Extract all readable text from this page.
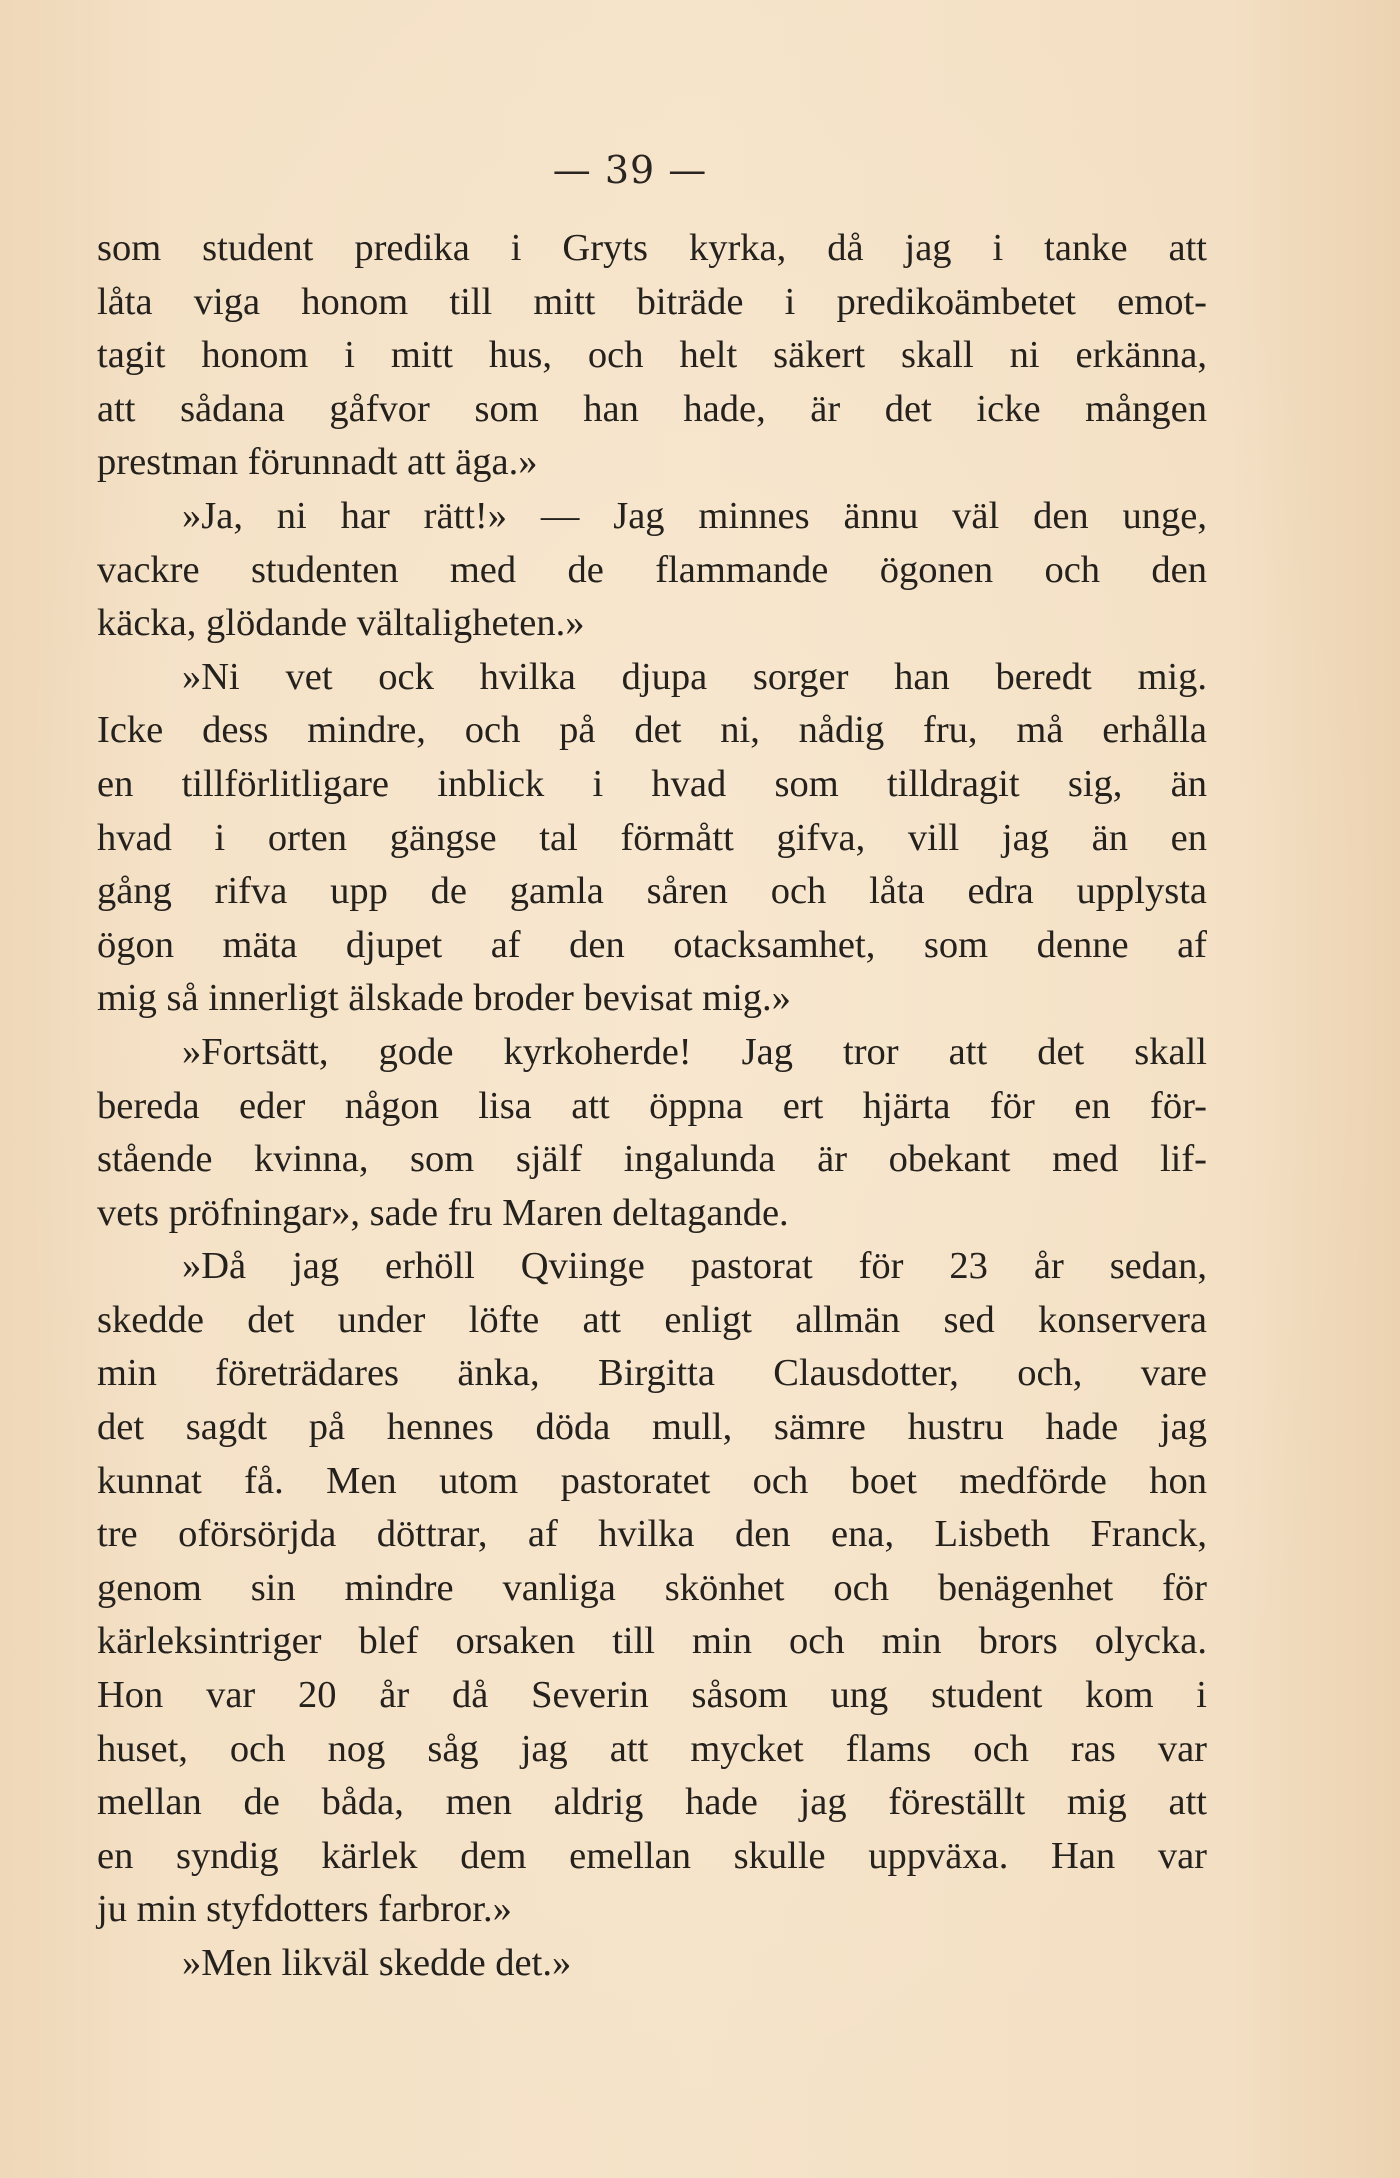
— 39 —

som student predika i Gryts kyrka, då jag i tanke att
låta viga honom till mitt biträde i predikoämbetet emot-
tagit honom i mitt hus, och helt säkert skall ni erkänna,
att sådana gåfvor som han hade, är det icke mången
prestman förunnadt att äga.»

»Ja, ni har rätt!» — Jag minnes ännu väl den unge,
vackre studenten med de flammande ögonen och den
käcka, glödande vältaligheten.»

»Ni vet ock hvilka djupa sorger han beredt mig.
Icke dess mindre, och på det ni, nådig fru, må erhålla
en tillförlitligare inblick i hvad som tilldragit sig, än
hvad i orten gängse tal förmått gifva, vill jag än en
gång rifva upp de gamla såren och låta edra upplysta
ögon mäta djupet af den otacksamhet, som denne af
mig så innerligt älskade broder bevisat mig.»

»Fortsätt, gode kyrkoherde! Jag tror att det skall
bereda eder någon lisa att öppna ert hjärta för en för-
stående kvinna, som själf ingalunda är obekant med lif-
vets pröfningar», sade fru Maren deltagande.

»Då jag erhöll Qviinge pastorat för 23 år sedan,
skedde det under löfte att enligt allmän sed konservera
min företrädares änka, Birgitta Clausdotter, och, vare
det sagdt på hennes döda mull, sämre hustru hade jag
kunnat få. Men utom pastoratet och boet medförde hon
tre oförsörjda döttrar, af hvilka den ena, Lisbeth Franck,
genom sin mindre vanliga skönhet och benägenhet för
kärleksintriger blef orsaken till min och min brors olycka.
Hon var 20 år då Severin såsom ung student kom i
huset, och nog såg jag att mycket flams och ras var
mellan de båda, men aldrig hade jag föreställt mig att
en syndig kärlek dem emellan skulle uppväxa. Han var
ju min styfdotters farbror.»

»Men likväl skedde det.»
